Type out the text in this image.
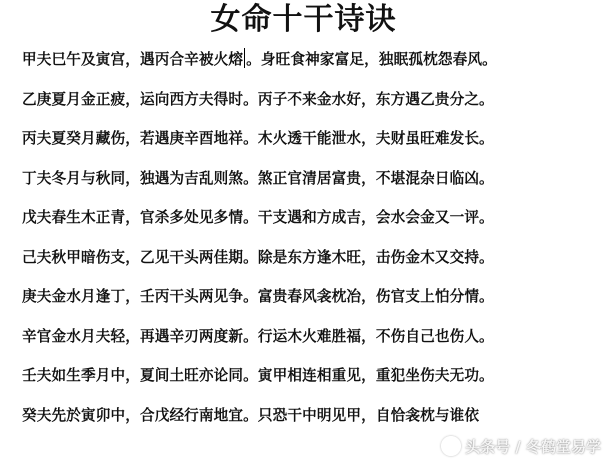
女命十干诗诀
甲夫巳午及寅宫，遇丙合辛被火熔 。身旺食神家富足，独眠孤枕怨春风。
乙庚夏月金正疲，运向西方夫得时。丙子不来金水好，东方遇乙贵分之。
丙夫夏癸月藏伤，若遇庚辛酉地祥。木火透干能泄水，夫财虽旺难发长。
丁夫冬月与秋同，独遇为吉乱则煞。煞正官清居富贵，不堪混杂日临凶。
戊夫春生木正青，官杀多处见多情。干支遇和方成吉，会水会金又一评。
己夫秋甲暗伤支，乙见干头两佳期。除是东方逢木旺，击伤金木又交持。
庚夫金水月逢丁，壬丙干头两见争。富贵春风衾枕冶，伤官支上怕分情。
辛官金水月夫轻，再遇辛刃两度新。行运木火难胜福，不伤自己也伤人。
壬夫如生季月中，夏间土旺亦论同。寅甲相连相重见，重犯坐伤夫无功。
癸夫先於寅卯中，合戊经行南地宜。只恐干中明见甲，自恰衾枕与谁依
头条号 / 冬鹤堂易学
